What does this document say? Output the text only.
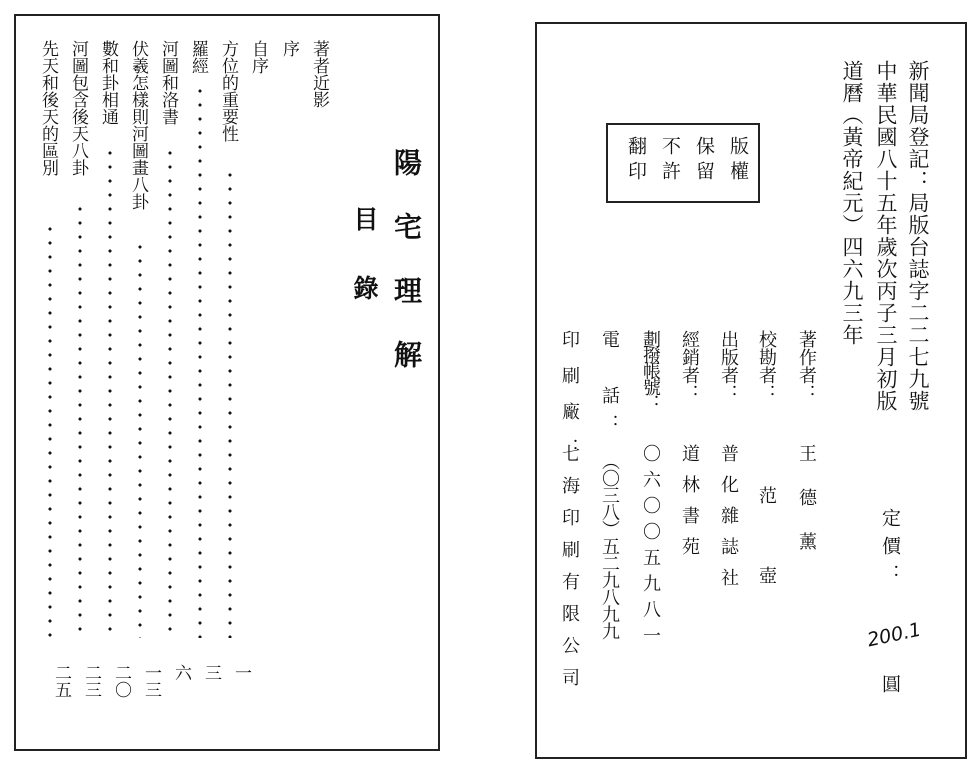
著者近影
序
自序
方位的重要性
一
羅經
三
河圖和洛書
六
伏羲怎樣則河圖畫八卦
一三
數和卦相通
二〇
河圖包含後天八卦
二三
先天和後天的區別
二五
陽宅理解
目錄	新聞局登記：局版台誌字二二七九號
中華民國八十五年歲次丙子三月初版
道曆（黃帝紀元）四六九三年
版權
保留
不許
翻印
定價：
200.1
圓
著作者：
王德薰
校勘者：
范壺
出版者：
普化雜誌社
經銷者：
道林書苑
劃撥帳號：
〇六〇〇五九八一
電　話：
（〇三八）五二九八九九
印刷廠：
七海印刷有限公司
